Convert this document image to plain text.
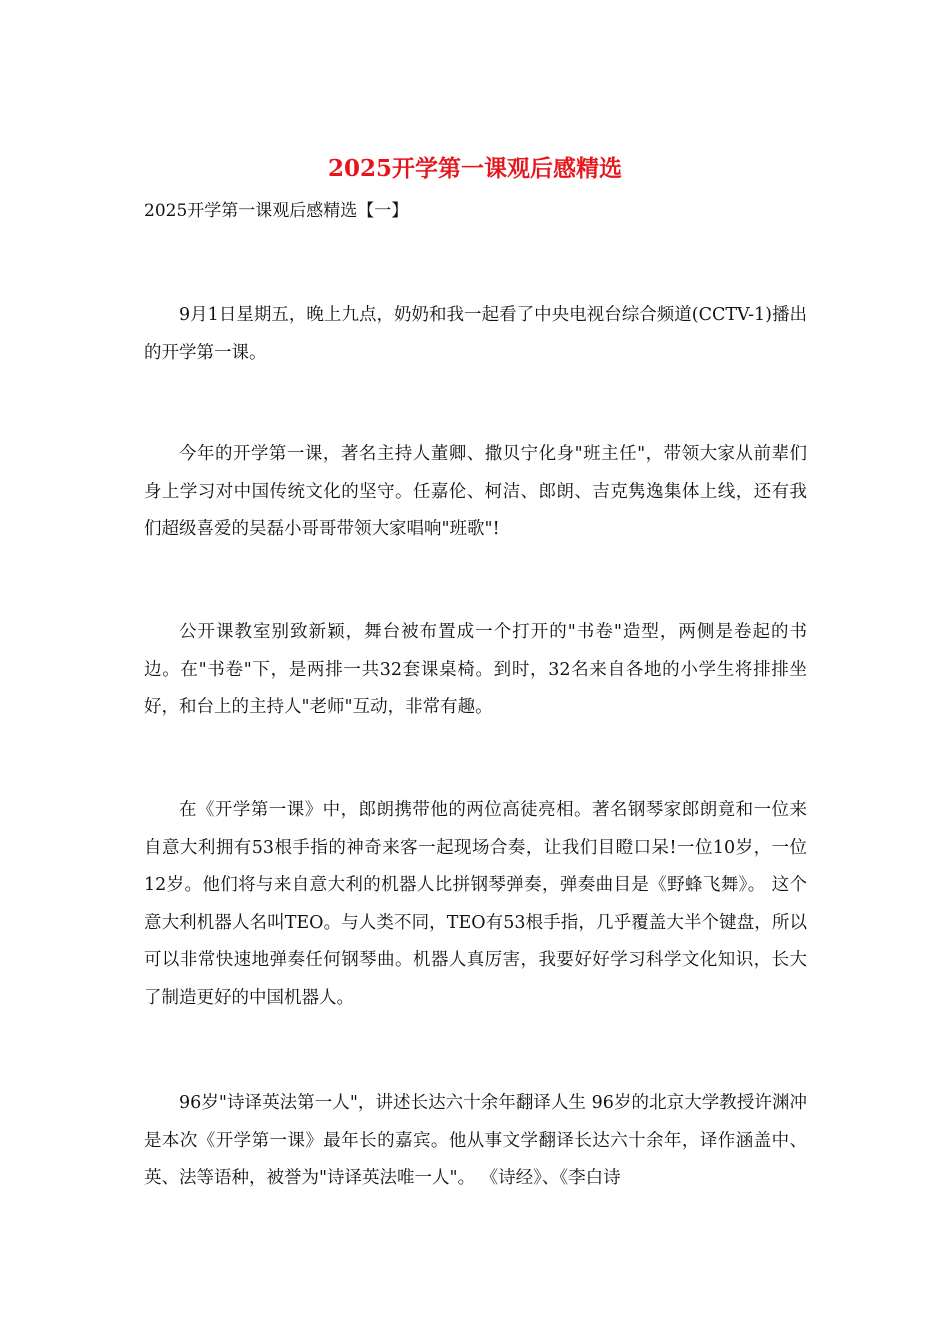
2025开学第一课观后感精选

2025开学第一课观后感精选【一】

9月1日星期五，晚上九点，奶奶和我一起看了中央电视台综合频道(CCTV-1)播出的开学第一课。

今年的开学第一课，著名主持人董卿、撒贝宁化身"班主任"，带领大家从前辈们身上学习对中国传统文化的坚守。任嘉伦、柯洁、郎朗、吉克隽逸集体上线，还有我们超级喜爱的吴磊小哥哥带领大家唱响"班歌"!

公开课教室别致新颖，舞台被布置成一个打开的"书卷"造型，两侧是卷起的书边。在"书卷"下，是两排一共32套课桌椅。到时，32名来自各地的小学生将排排坐好，和台上的主持人"老师"互动，非常有趣。

在《开学第一课》中，郎朗携带他的两位高徒亮相。著名钢琴家郎朗竟和一位来自意大利拥有53根手指的神奇来客一起现场合奏，让我们目瞪口呆!一位10岁，一位12岁。他们将与来自意大利的机器人比拼钢琴弹奏，弹奏曲目是《野蜂飞舞》。 这个意大利机器人名叫TEO。与人类不同，TEO有53根手指，几乎覆盖大半个键盘，所以可以非常快速地弹奏任何钢琴曲。机器人真厉害，我要好好学习科学文化知识，长大了制造更好的中国机器人。

96岁"诗译英法第一人"，讲述长达六十余年翻译人生 96岁的北京大学教授许渊冲是本次《开学第一课》最年长的嘉宾。他从事文学翻译长达六十余年，译作涵盖中、英、法等语种，被誉为"诗译英法唯一人"。 《诗经》、《李白诗
